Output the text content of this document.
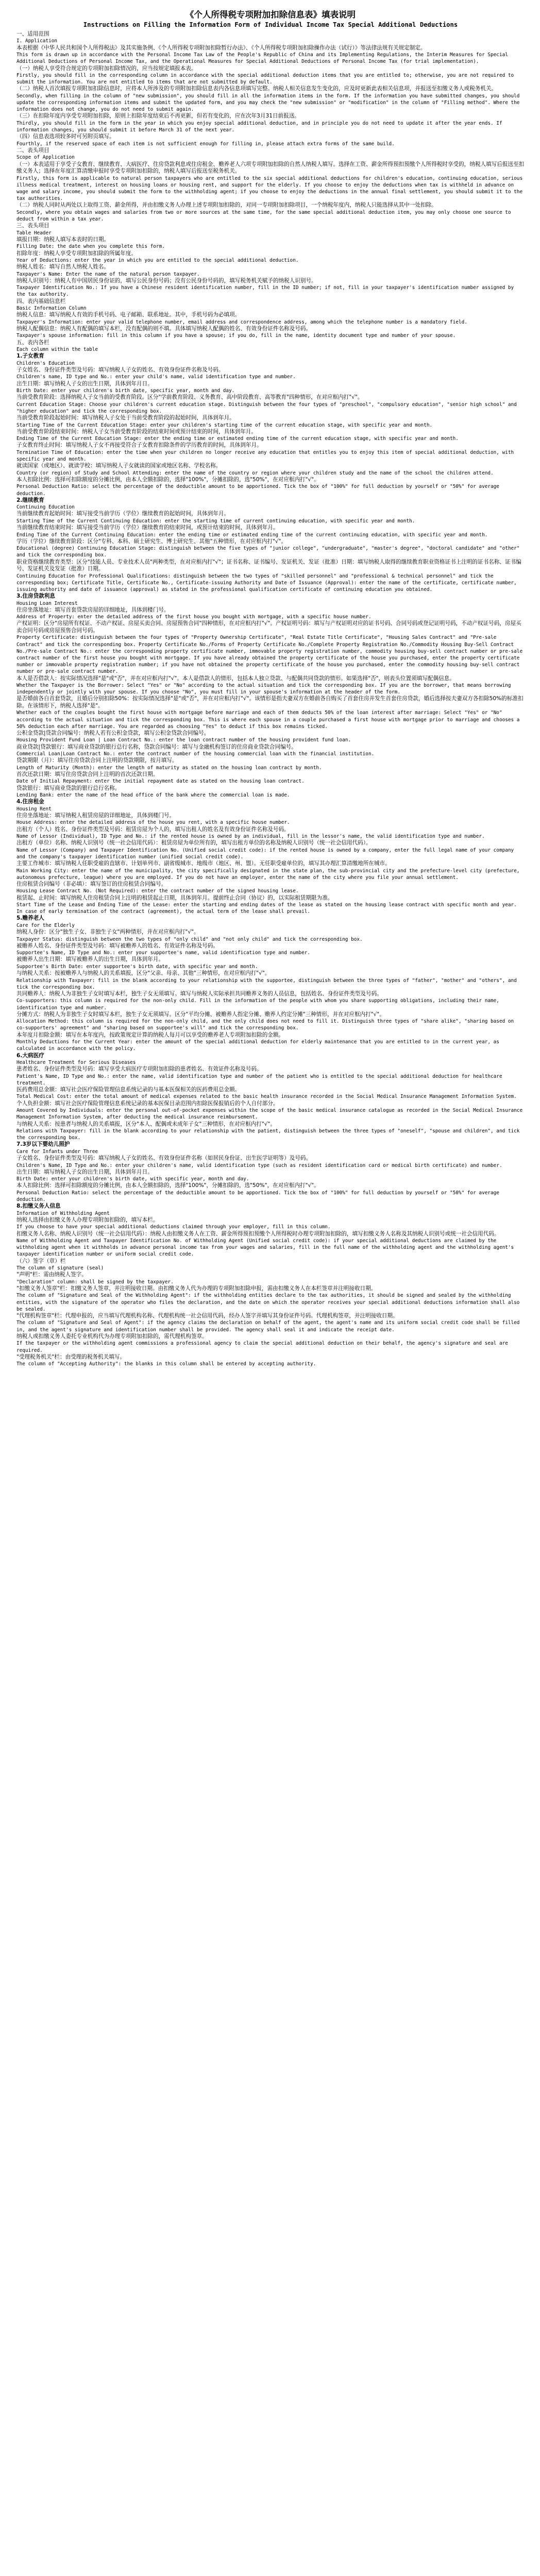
《个人所得税专项附加扣除信息表》填表说明
Instructions on Filling the Information Form of Individual Income Tax Special Additional Deductions

一、适用范围

I. Application

本表根据《中华人民共和国个人所得税法》及其实施条例、《个人所得税专项附加扣除暂行办法》、《个人所得税专项附加扣除操作办法（试行）》等法律法规有关规定制定。

This form is drawn up in accordance with the Personal Income Tax Law of the People's Republic of China and its Implementing Regulations, the Interim Measures for Special Additional Deductions of Personal Income Tax, and the Operational Measures for Special Additional Deductions of Personal Income Tax (for trial implementation).

（一）纳税人享受符合规定的专项附加扣除情况的，应当按规定填报本表。

Firstly, you should fill in the corresponding column in accordance with the special additional deduction items that you are entitled to; otherwise, you are not required to submit the information. You are not entitled to items that are not submitted by default.

（二）纳税人首次填报专项附加扣除信息时，应将本人所涉及的专项附加扣除信息表内各信息项填写完整。纳税人相关信息发生变化的，应及时更新此表相关信息项，并报送至扣缴义务人或税务机关。

Secondly, when filling in the column of "new submission", you should fill in all the information items in the form. If the information you have submitted changes, you should update the corresponding information items and submit the updated form, and you may check the "new submission" or "modification" in the column of "Filling method". Where the information does not change, you do not need to submit again.

（三）在扣除年度内享受专项附加扣除，原则上扣除年度结束后不再更新，但若有变化的，应在次年3月31日前报送。

Thirdly, you should fill in the form in the year in which you enjoy special additional deduction, and in principle you do not need to update it after the year ends. If information changes, you should submit it before March 31 of the next year.

（四）信息表选项较多时可另附页填写。

Fourthly, if the reserved space of each item is not sufficient enough for filling in, please attach extra forms of the same build.

二、表头项目

Scope of Application

（一）本表适用于享受子女教育、继续教育、大病医疗、住房贷款利息或住房租金、赡养老人六项专项附加扣除的自然人纳税人填写。选择在工资、薪金所得预扣预缴个人所得税时享受的，纳税人填写后报送至扣缴义务人；选择在年度汇算清缴申报时享受专项附加扣除的，纳税人填写后报送至税务机关。

Firstly, this form is applicable to natural person taxpayers who are entitled to the six special additional deductions for children's education, continuing education, serious illness medical treatment, interest on housing loans or housing rent, and support for the elderly. If you choose to enjoy the deductions when tax is withheld in advance on wage and salary income, you should submit the form to the withholding agent; if you choose to enjoy the deductions in the annual final settlement, you should submit it to the tax authorities.

（二）纳税人同时从两处以上取得工资、薪金所得，并由扣缴义务人办理上述专项附加扣除的，对同一专项附加扣除项目，一个纳税年度内，纳税人只能选择从其中一处扣除。

Secondly, where you obtain wages and salaries from two or more sources at the same time, for the same special additional deduction item, you may only choose one source to deduct from within a tax year.

三、表头项目

Table Header

填报日期：纳税人填写本表时的日期。

Filling Date: the date when you complete this form.

扣除年度：纳税人享受专项附加扣除的所属年度。

Year of Deductions: enter the year in which you are entitled to the special additional deduction.

纳税人姓名：填写自然人纳税人姓名。

Taxpayer's Name: Enter the name of the natural person taxpayer.

纳税人识别号：纳税人有中国居民身份证的，填写公民身份号码；没有公民身份号码的，填写税务机关赋予的纳税人识别号。

Taxpayer Identification No.: If you have a Chinese resident identification number, fill in the ID number; if not, fill in your taxpayer's identification number assigned by the tax authority.

四、表内基础信息栏

Basic Information Column

纳税人信息：填写纳税人有效的手机号码、电子邮箱、联系地址。其中，手机号码为必填项。

Taxpayer's Information: enter your valid telephone number, email address and correspondence address, among which the telephone number is a mandatory field.

纳税人配偶信息：纳税人有配偶的填写本栏，没有配偶的则不填。具体填写纳税人配偶的姓名、有效身份证件名称及号码。

Taxpayer's spouse information: fill in this column if you have a spouse; if you do, fill in the name, identity document type and number of your spouse.

五、表内各栏

Each column within the table

1.子女教育

Children's Education

子女姓名、身份证件类型及号码：填写纳税人子女的姓名、有效身份证件名称及号码。

Children's name, ID type and No.: enter your child's name, valid identification type and number.

出生日期：填写纳税人子女的出生日期，具体到年月日。

Birth Date: enter your children's birth date, specific year, month and day.

当前受教育阶段：选择纳税人子女当前的受教育阶段。区分"学前教育阶段、义务教育、高中阶段教育、高等教育"四种情形，在对应框内打"√"。

Current Education Stage: Choose your children's current education stage. Distinguish between the four types of "preschool", "compulsory education", "senior high school" and "higher education" and tick the corresponding box.

当前受教育阶段起始时间：填写纳税人子女处于当前受教育阶段的起始时间，具体到年月。

Starting Time of the Current Education Stage: enter your children's starting time of the current education stage, with specific year and month.

当前受教育阶段结束时间：纳税人子女当前受教育阶段的结束时间或预计结束的时间，具体到年月。

Ending Time of the Current Education Stage: enter the ending time or estimated ending time of the current education stage, with specific year and month.

子女教育终止时间：填写纳税人子女不再接受符合子女教育扣除条件的学历教育的时间，具体到年月。

Termination Time of Education: enter the time when your children no longer receive any education that entitles you to enjoy this item of special additional deduction, with specific year and month.

就读国家（或地区）、就读学校：填写纳税人子女就读的国家或地区名称、学校名称。

Country (or region) of Study and School Attending: enter the name of the country or region where your children study and the name of the school the children attend.

本人扣除比例：选择可扣除额度的分摊比例，由本人全额扣除的，选择"100%"，分摊扣除的，选"50%"，在对应框内打"√"。

Personal Deduction Ratio: select the percentage of the deductible amount to be apportioned. Tick the box of "100%" for full deduction by yourself or "50%" for average deduction.

2.继续教育

Continuing Education

当前继续教育起始时间：填写接受当前学历（学位）继续教育的起始时间，具体到年月。

Starting Time of the Current Continuing Education: enter the starting time of current continuing education, with specific year and month.

当前继续教育结束时间：填写接受当前学历（学位）继续教育的结束时间，或预计结束的时间，具体到年月。

Ending Time of the Current Continuing Education: enter the ending time or estimated ending time of the current continuing education, with specific year and month.

学历（学位）继续教育阶段：区分"专科、本科、硕士研究生、博士研究生、其他"五种情形，在对应框内打"√"。

Educational (degree) Continuing Education Stage: distinguish between the five types of "junior college", "undergraduate", "master's degree", "doctoral candidate" and "other" and tick the corresponding box.

职业资格继续教育类型：区分"技能人员、专业技术人员"两种类型，在对应框内打"√"；证书名称、证书编号、发证机关、发证（批准）日期：填写纳税人取得的继续教育职业资格证书上注明的证书名称、证书编号、发证机关及发证（批准）日期。

Continuing Education for Professional Qualifications: distinguish between the two types of "skilled personnel" and "professional & technical personnel" and tick the corresponding box; Certificate Title, Certificate No., Certificate-issuing Authority and Date of Issuance (Approval): enter the name of the certificate, certificate number, issuing authority and date of issuance (approval) as stated in the professional qualification certificate of continuing education you obtained.

3.住房贷款利息

Housing Loan Interest

住房坐落地址：填写首套贷款房屋的详细地址，具体到楼门号。

Address of Property: enter the detailed address of the first house you bought with mortgage, with a specific house number.

产权证明：区分"房屋所有权证、不动产权证、房屋买卖合同、房屋预售合同"四种情形，在对应框内打"√"。产权证明号码：填写与产权证明对应的证书号码、合同号码或登记证明号码，不动产权证号码，房屋买卖合同号码或房屋预售合同号码。

Property Certificate: distinguish between the four types of "Property Ownership Certificate", "Real Estate Title Certificate", "Housing Sales Contract" and "Pre-sale Contract" and tick the corresponding box. Property Certificate No./Forms of Property Certificate No./Complete Property Registration No./Commodity Housing Buy-Sell Contract No./Pre-sale Contract No.: enter the corresponding property certificate number, immovable property registration number, commodity housing buy-sell contract number or pre-sale contract number of the first house you bought with mortgage. If you have already obtained the property certificate of the house you purchased, enter the property certificate number or immovable property registration number; if you have not obtained the property certificate of the house you purchased, enter the commodity housing buy-sell contract number or pre-sale contract number.

本人是否借款人：按实际情况选择"是"或"否"，并在对应框内打"√"。本人是借款人的情形，包括本人独立贷款、与配偶共同贷款的情形。如果选择"否"，则表头位置须填写配偶信息。

Whether the Taxpayer is the Borrower: Select "Yes" or "No" according to the actual situation and tick the corresponding box. If you are the borrower, that means borrowing independently or jointly with your spouse. If you choose "No", you must fill in your spouse's information at the header of the form.

是否婚前各自首套贷款，且婚后分别扣除50%：按实际情况选择"是"或"否"，并在对应框内打"√"。该情形是指夫妻双方在婚前各自购买了首套住房并发生首套住房贷款，婚后选择按夫妻双方各扣除50%的标准扣除。在该情形下，纳税人选择"是"。

Whether each of the couples bought the first house with mortgage before marriage and each of them deducts 50% of the loan interest after marriage: Select "Yes" or "No" according to the actual situation and tick the corresponding box. This is where each spouse in a couple purchased a first house with mortgage prior to marriage and chooses a 50% deduction each after marriage. You are regarded as choosing "Yes" to deduct if this box remains ticked.

公积金贷款|贷款合同编号：纳税人若有公积金贷款，填写公积金贷款合同编号。

Housing Provident Fund Loan | Loan Contract No.: enter the loan contract number of the housing provident fund loan.

商业贷款|贷款银行：填写商业贷款的银行总行名称，贷款合同编号：填写与金融机构签订的住房商业贷款合同编号。

Commercial Loan|Loan Contract No.: enter the contract number of the housing commercial loan with the financial institution.

贷款期限（月）：填写住房贷款合同上注明的贷款期限，按月填写。

Length of Maturity (Month): enter the length of maturity as stated on the housing loan contract by month.

首次还款日期：填写住房贷款合同上注明的首次还款日期。

Date of Initial Repayment: enter the initial repayment date as stated on the housing loan contract.

贷款银行：填写商业贷款的银行总行名称。

Lending Bank: enter the name of the head office of the bank where the commercial loan is made.

4.住房租金

Housing Rent

住房坐落地址：填写纳税人租赁房屋的详细地址，具体到楼门号。

House Address: enter the detailed address of the house you rent, with a specific house number.

出租方（个人）姓名、身份证件类型及号码：租赁房屋为个人的，填写出租人的姓名及有效身份证件名称及号码。

Name of Lessor (Individual), ID Type and No.: if the rented house is owned by an individual, fill in the lessor's name, the valid identification type and number.

出租方（单位）名称、纳税人识别号（统一社会信用代码）：租赁房屋为单位所有的，填写出租方单位的名称及纳税人识别号（统一社会信用代码）。

Name of Lessor (Company) and Taxpayer Identification No. (Unified social credit code): if the rented house is owned by a company, enter the full legal name of your company and the company's taxpayer identification number (unified social credit code).

主要工作城市：填写纳税人任职受雇的直辖市、计划单列市、副省级城市、地级市（地区、州、盟）。无任职受雇单位的，填写其办理汇算清缴地所在城市。

Main Working City: enter the name of the municipality, the city specifically designated in the state plan, the sub-provincial city and the prefecture-level city (prefecture, autonomous prefecture, league) where you are employed. If you do not have an employer, enter the name of the city where you file your annual settlement.

住房租赁合同编号（非必填）：填写签订的住房租赁合同编号。

Housing Lease Contract No. (Not Required): enter the contract number of the signed housing lease.

租赁起、止时间：填写纳税人住房租赁合同上注明的租赁起止日期，具体到年月。提前终止合同（协议）的，以实际租赁期限为准。

Start Time of the Lease and Ending Time of the Lease: enter the starting and ending dates of the lease as stated on the housing lease contract with specific month and year. In case of early termination of the contract (agreement), the actual term of the lease shall prevail.

5.赡养老人

Care for the Elderly

纳税人身份：区分"独生子女、非独生子女"两种情形，并在对应框内打"√"。

Taxpayer Status: distinguish between the two types of "only child" and "not only child" and tick the corresponding box.

被赡养人姓名、身份证件类型及号码：填写被赡养人的姓名、有效证件名称及号码。

Supportee's Name, ID Type and No.: enter your supportee's name, valid identification type and number.

被赡养人出生日期：填写被赡养人的出生日期，具体到年月。

Supportee's Birth Date: enter supportee's birth date, with specific year and month.

与纳税人关系：按被赡养人与纳税人的关系填报，区分"父亲、母亲、其他"三种情形，在对应框内打"√"。

Relationship with Taxpayer: fill in the blank according to your relationship with the supportee, distinguish between the three types of "father", "mother" and "others", and tick the corresponding box.

共同赡养人：纳税人为非独生子女时填写本栏，独生子女无须填写。填写与纳税人实际承担共同赡养义务的人员信息，包括姓名、身份证件类型及号码。

Co-supporters: this column is required for the non-only child. Fill in the information of the people with whom you share supporting obligations, including their name, identification type and number.

分摊方式：纳税人为非独生子女时填写本栏，独生子女无须填写。区分"平均分摊、被赡养人指定分摊、赡养人约定分摊"三种情形，并在对应框内打"√"。

Allocation Method: this column is required for the non-only child, and the only child does not need to fill it. Distinguish three types of "share alike", "sharing based on co-supporters' agreement" and "sharing based on supportee's will" and tick the corresponding box.

本年度月扣除金额：填写在本年度内，按政策规定计算的纳税人每月可以享受的赡养老人专项附加扣除的金额。

Monthly Deductions for the Current Year: enter the amount of the special additional deduction for elderly maintenance that you are entitled to in the current year, as calculated in accordance with the policy.

6.大病医疗

Healthcare Treatment for Serious Diseases

患者姓名、身份证件类型及号码：填写享受大病医疗专项附加扣除的患者姓名、有效证件名称及号码。

Patient's Name, ID Type and No.: enter the name, valid identification type and number of the patient who is entitled to the special additional deduction for healthcare treatment.

医药费用总金额：填写社会医疗保险管理信息系统记录的与基本医保相关的医药费用总金额。

Total Medical Cost: enter the total amount of medical expenses related to the basic health insurance recorded in the Social Medical Insurance Management Information System.

个人负担金额：填写社会医疗保险管理信息系统记录的基本医保目录范围内扣除医保报销后的个人自付部分。

Amount Covered by Individuals: enter the personal out-of-pocket expenses within the scope of the basic medical insurance catalogue as recorded in the Social Medical Insurance Management Information System, after deducting the medical insurance reimbursement.

与纳税人关系：按患者与纳税人的关系填报，区分"本人、配偶或未成年子女"三种情形，在对应框内打"√"。

Relations with Taxpayer: fill in the blank according to your relationship with the patient, distinguish between the three types of "oneself", "spouse and children", and tick the corresponding box.

7.3岁以下婴幼儿照护

Care for Infants under Three

子女姓名、身份证件类型及号码：填写纳税人子女的姓名、有效身份证件名称（如居民身份证、出生医学证明等）及号码。

Children's Name, ID Type and No.: enter your children's name, valid identification type (such as resident identification card or medical birth certificate) and number.

出生日期：填写纳税人子女的出生日期，具体到年月日。

Birth Date: enter your children's birth date, with specific year, month and day.

本人扣除比例：选择可扣除额度的分摊比例，由本人全额扣除的，选择"100%"，分摊扣除的，选"50%"，在对应框内打"√"。

Personal Deduction Ratio: select the percentage of the deductible amount to be apportioned. Tick the box of "100%" for full deduction by yourself or "50%" for average deduction.

8.扣缴义务人信息

Information of Withholding Agent

纳税人选择由扣缴义务人办理专项附加扣除的，填写本栏。

If you choose to have your special additional deductions claimed through your employer, fill in this column.

扣缴义务人名称、纳税人识别号（统一社会信用代码）：纳税人由扣缴义务人在工资、薪金所得预扣预缴个人所得税时办理专项附加扣除的，填写扣缴义务人名称及其纳税人识别号或统一社会信用代码。

Name of Withholding Agent and Taxpayer Identification No. of Withholding Agent (Unified social credit code): if your special additional deductions are claimed by the withholding agent when it withholds in advance personal income tax from your wages and salaries, fill in the full name of the withholding agent and the withholding agent's taxpayer identification number or uniform social credit code.

（六）签字（章）栏

The column of signature (seal)

"声明"栏：需由纳税人签字。

"Declaration" column: shall be signed by the taxpayer.

"扣缴义务人签章"栏：扣缴义务人签章，并注明接收日期。由扣缴义务人代为办理的专项附加扣除申报，需由扣缴义务人在本栏签章并注明接收日期。

The column of "Signature and Seal of the Withholding Agent": if the withholding entities declare to the tax authorities, it should be signed and sealed by the withholding entities, with the signature of the operator who files the declaration, and the date on which the operator receives your special additional deductions information shall also be sealed.

"代理机构签章"栏：代理申报的，应当填写代理机构名称、代理机构统一社会信用代码，经办人签字并填写其身份证件号码。代理机构签章，并注明接收日期。

The column of "Signature and Seal of Agent": if the agency claims the declaration on behalf of the agent, the agent's name and its uniform social credit code shall be filled in, and the agent's signature and identification number shall be provided. The agency shall seal it and indicate the receipt date.

纳税人或扣缴义务人委托专业机构代为办理专项附加扣除的，需代理机构签章。

If the taxpayer or the withholding agent commissions a professional agency to claim the special additional deduction on their behalf, the agency's signature and seal are required.

"受理税务机关"栏：由受理的税务机关填写。

The column of "Accepting Authority": the blanks in this column shall be entered by accepting authority.
